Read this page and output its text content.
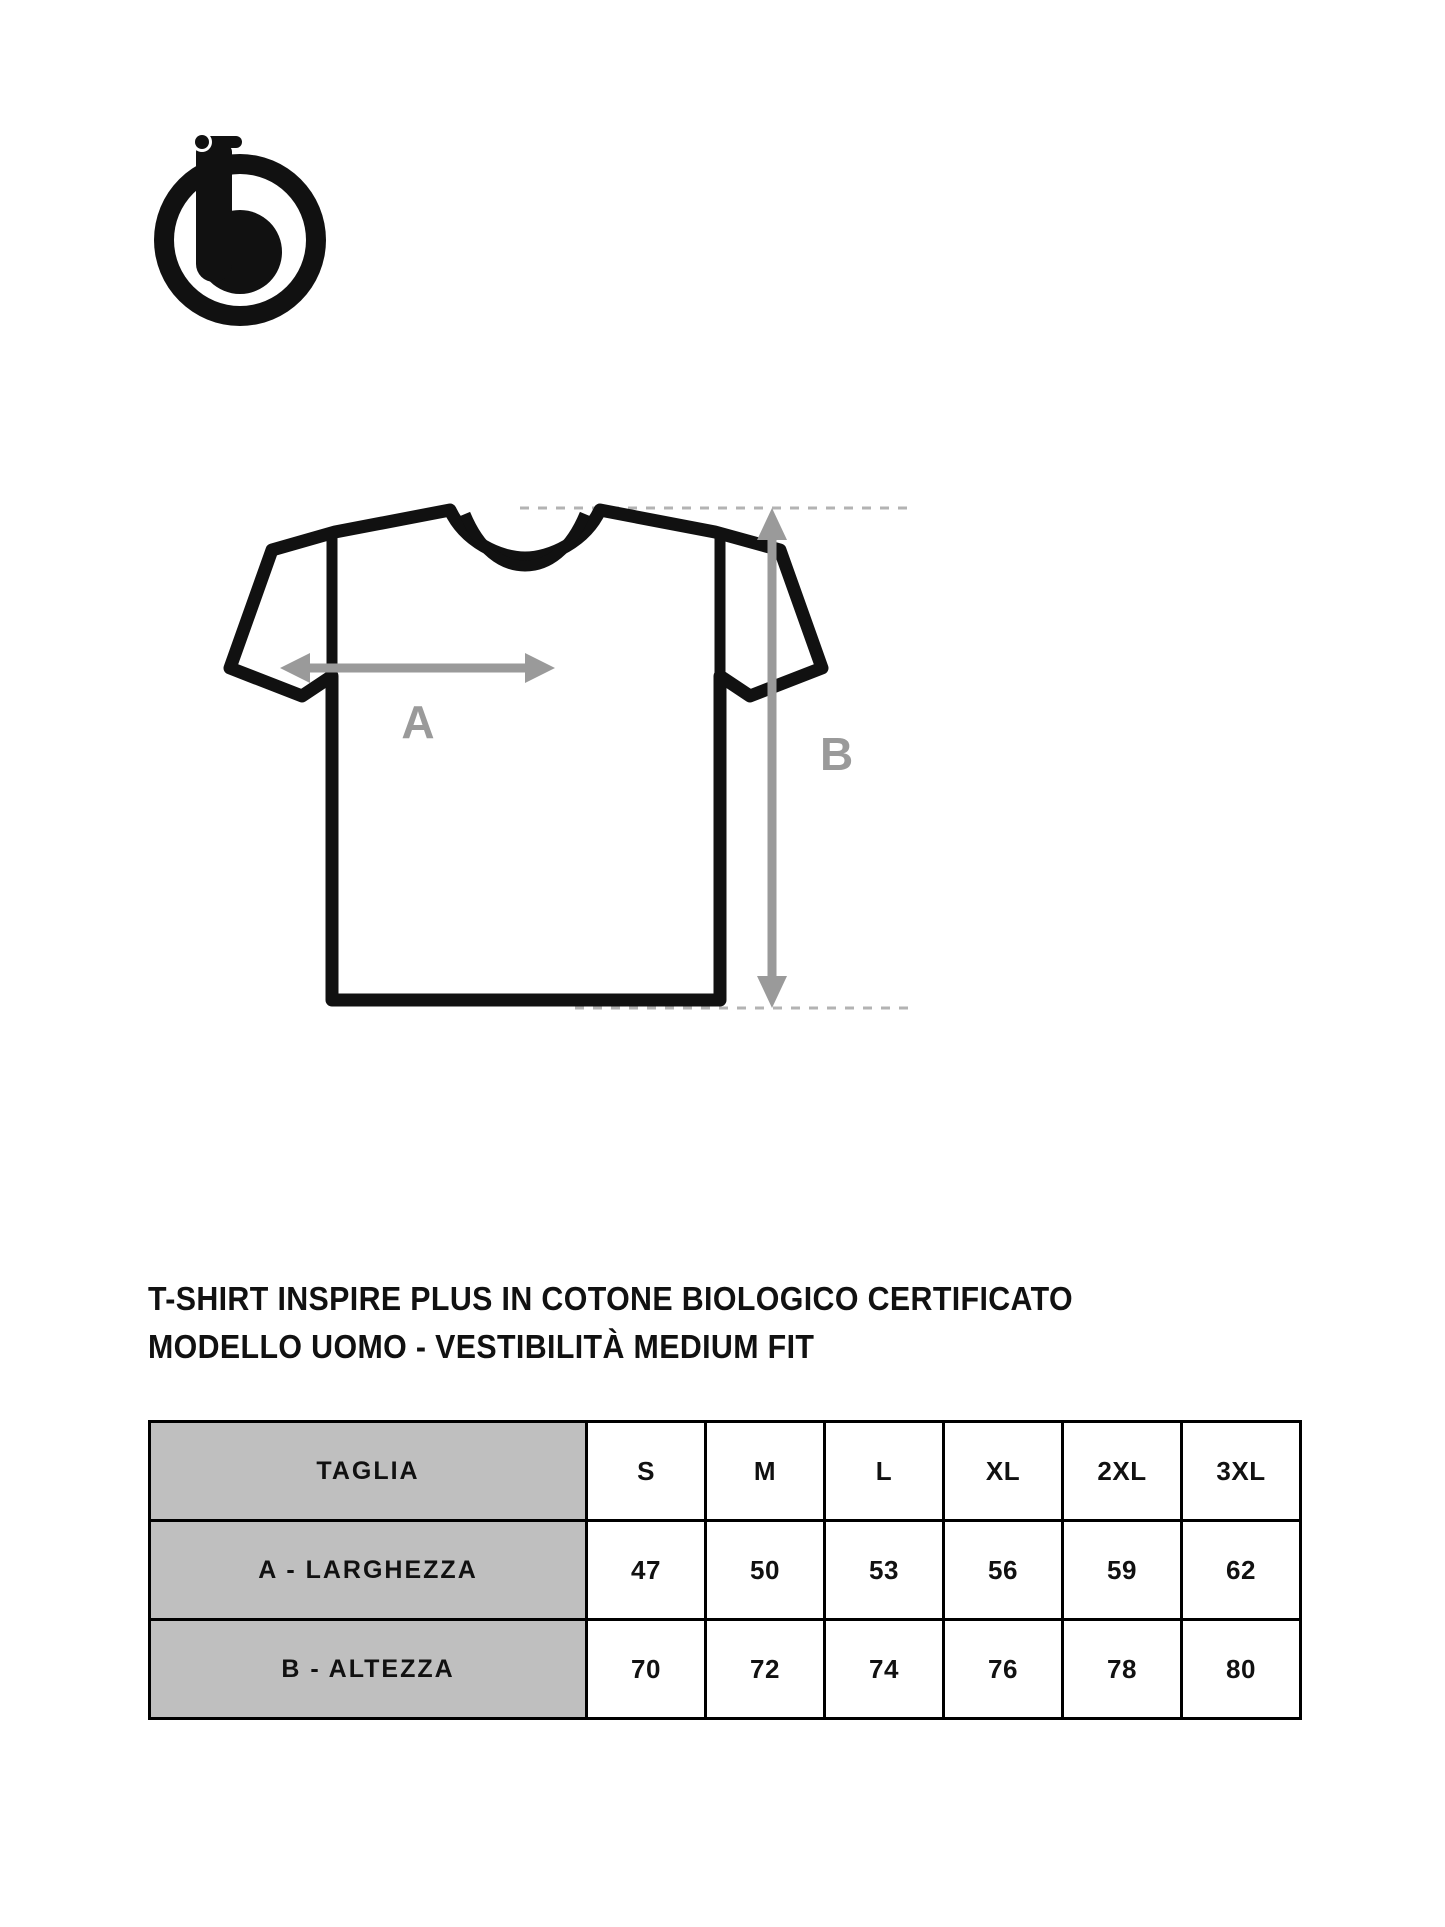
A
B
T-SHIRT INSPIRE PLUS IN COTONE BIOLOGICO CERTIFICATO
MODELLO UOMO - VESTIBILITÀ MEDIUM FIT
TAGLIA	S	M	L	XL	2XL	3XL
A - LARGHEZZA	47	50	53	56	59	62
B - ALTEZZA	70	72	74	76	78	80
